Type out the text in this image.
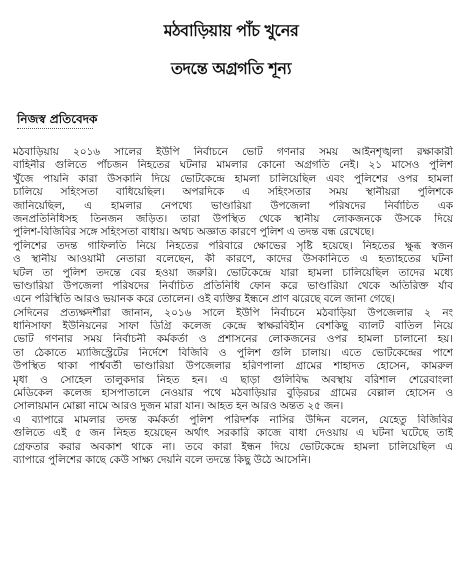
মঠবাড়িয়ায় পাঁচ খুনের
তদন্তে অগ্রগতি শূন্য
নিজস্ব প্রতিবেদক
মঠবাড়িয়ায় ২০১৬ সালের ইউপি নির্বাচনে ভোট গণনার সময় আইনশৃঙ্খলা রক্ষাকারী
বাহিনীর গুলিতে পাঁচজন নিহতের ঘটনার মামলার কোনো অগ্রগতি নেই। ২১ মাসেও পুলিশ
খুঁজে পায়নি কারা উসকানি দিয়ে ভোটকেন্দ্রে হামলা চালিয়েছিল এবং পুলিশের ওপর হামলা
চালিয়ে সহিংসতা বাধিয়েছিল। অপরদিকে এ সহিংসতার সময় স্থানীয়রা পুলিশকে
জানিয়েছিল, এ হামলার নেপথ্যে ভাণ্ডারিয়া উপজেলা পরিষদের নির্বাচিত এক
জনপ্রতিনিধিসহ তিনজন জড়িত। তারা উপস্থিত থেকে স্থানীয় লোকজনকে উসকে দিয়ে
পুলিশ-বিজিবির সঙ্গে সহিংসতা বাধায়। অথচ অজ্ঞাত কারণে পুলিশ এ তদন্ত বন্ধ রেখেছে।
পুলিশের তদন্ত গাফিলতি নিয়ে নিহতের পরিবারে ক্ষোভের সৃষ্টি হয়েছে। নিহতের ক্ষুব্ধ স্বজন
ও স্থানীয় আওয়ামী নেতারা বলেছেন, কী কারণে, কাদের উসকানিতে এ হত্যাহতের ঘটনা
ঘটল তা পুলিশ তদন্তে বের হওয়া জরুরি। ভোটকেন্দ্রে যারা হামলা চালিয়েছিল তাদের মধ্যে
ভাণ্ডারিয়া উপজেলা পরিষদের নির্বাচিত প্রতিনিধি ফোন করে ভাণ্ডারিয়া থেকে অতিরিক্ত র্যাব
এনে পরিস্থিতি আরও ভয়ানক করে তোলেন। ওই ব্যক্তির ইন্ধনে প্রাণ ঝরেছে বলে জানা গেছে।
সেদিনের প্রত্যক্ষদর্শীরা জানান, ২০১৬ সালে ইউপি নির্বাচনে মঠবাড়িয়া উপজেলার ২ নং
ধানিসাফা ইউনিয়নের সাফা ডিগ্রি কলেজ কেন্দ্রে স্বাক্ষরবিহীন বেশকিছু ব্যালট বাতিল নিয়ে
ভোট গণনার সময় নির্বাচনী কর্মকর্তা ও প্রশাসনের লোকজনের ওপর হামলা চালানো হয়।
তা ঠেকাতে ম্যাজিস্ট্রেটের নির্দেশে বিজিবি ও পুলিশ গুলি চালায়। এতে ভোটকেন্দ্রের পাশে
উপস্থিত থাকা পার্শ্ববর্তী ভাণ্ডারিয়া উপজেলার হরিণপালা গ্রামের শাহাদত হোসেন, কামরুল
মৃধা ও সোহেল তালুকদার নিহত হন। এ ছাড়া গুলিবিদ্ধ অবস্থায় বরিশাল শেরেবাংলা
মেডিকেল কলেজ হাসপাতালে নেওয়ার পথে মঠবাড়িয়ার বুড়িরচর গ্রামের বেল্লাল হোসেন ও
সোলায়মান মোল্লা নামে আরও দুজন মারা যান। আহত হন আরও অন্তত ২৫ জন।
এ ব্যাপারে মামলার তদন্ত কর্মকর্তা পুলিশ পরিদর্শক নাসির উদ্দিন বলেন, যেহেতু বিজিবির
গুলিতে এই ৫ জন নিহত হয়েছেন অর্থাৎ সরকারি কাজে বাধা দেওয়ায় এ ঘটনা ঘটেছে তাই
গ্রেফতার করার অবকাশ থাকে না। তবে কারা ইন্ধন দিয়ে ভোটকেন্দ্রে হামলা চালিয়েছিল এ
ব্যাপারে পুলিশের কাছে কেউ সাক্ষ্য দেয়নি বলে তদন্তে কিছু উঠে আসেনি।
